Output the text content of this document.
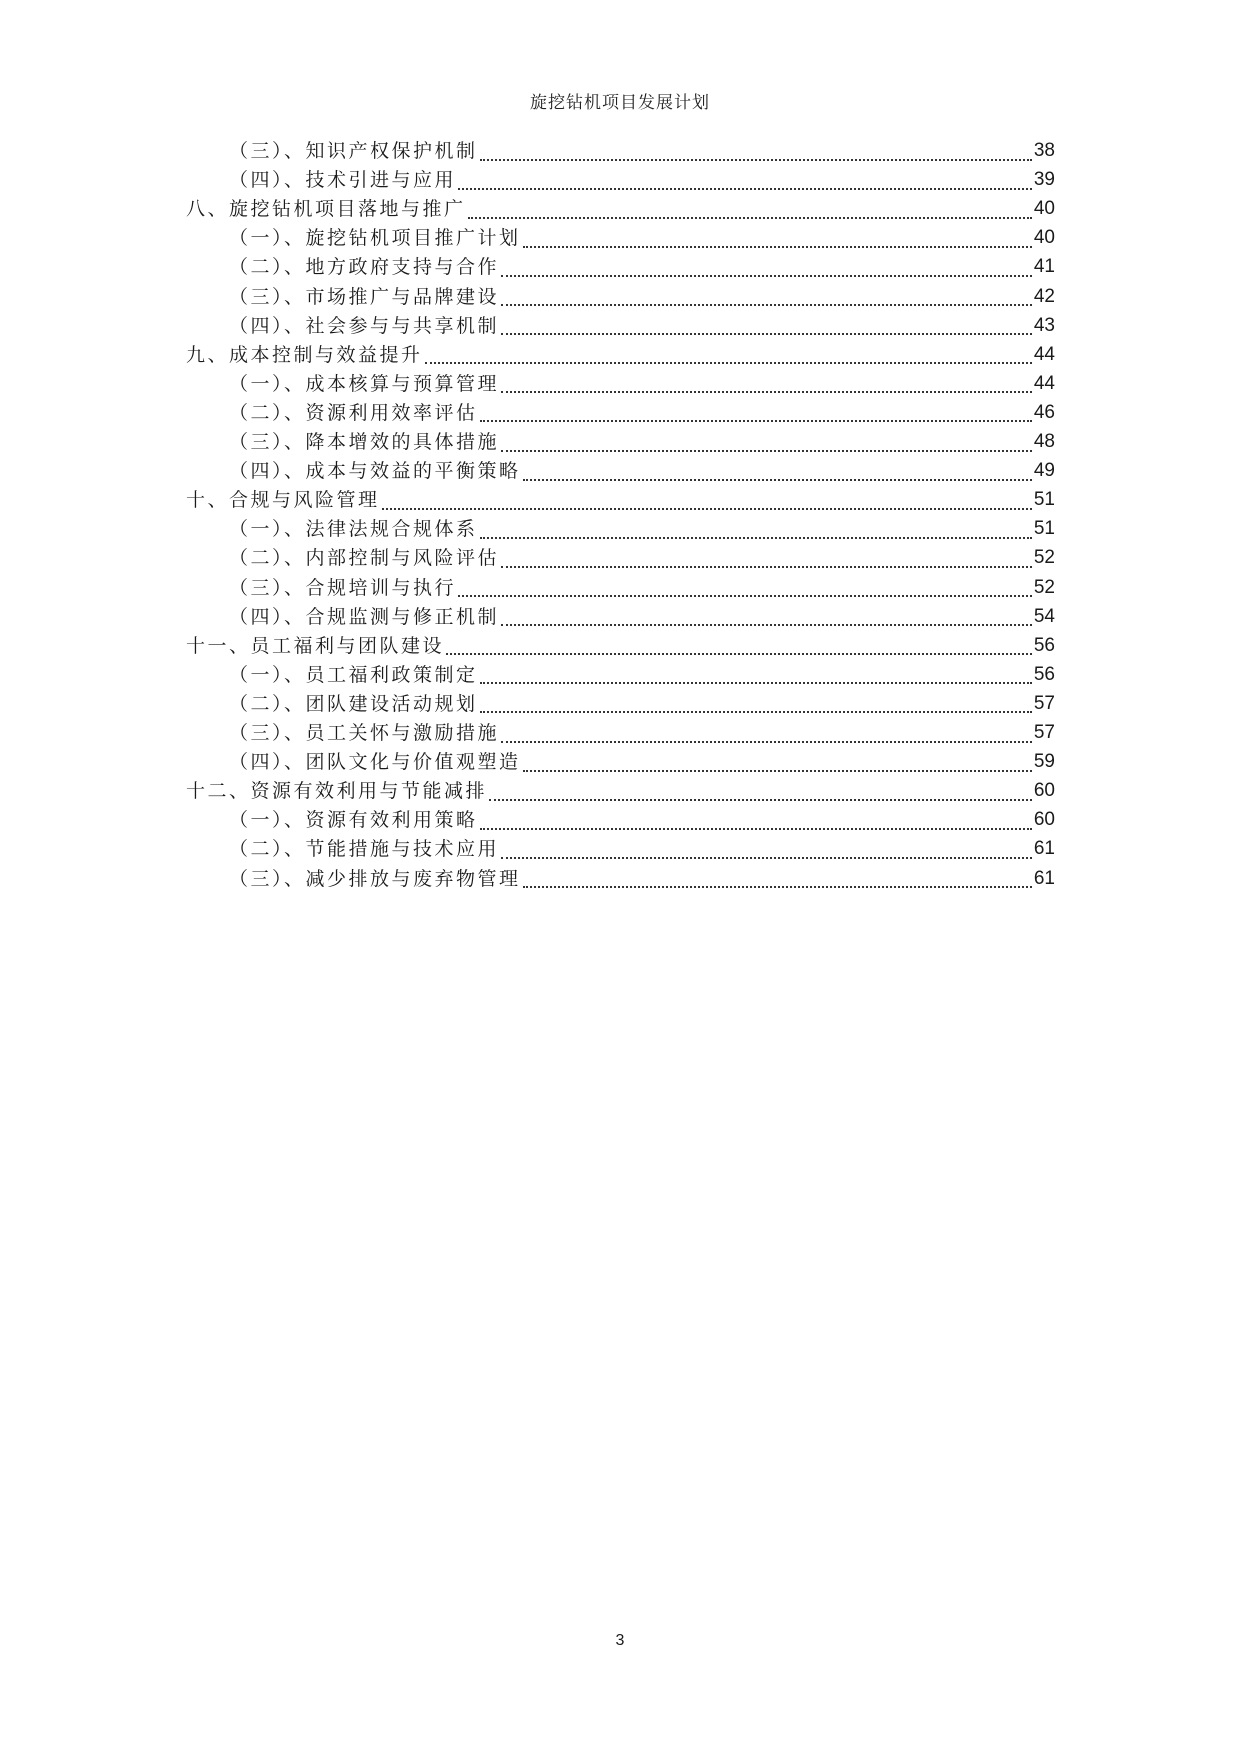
旋挖钻机项目发展计划
（三）、知识产权保护机制	38
（四）、技术引进与应用	39
八、旋挖钻机项目落地与推广	40
（一）、旋挖钻机项目推广计划	40
（二）、地方政府支持与合作	41
（三）、市场推广与品牌建设	42
（四）、社会参与与共享机制	43
九、成本控制与效益提升	44
（一）、成本核算与预算管理	44
（二）、资源利用效率评估	46
（三）、降本增效的具体措施	48
（四）、成本与效益的平衡策略	49
十、合规与风险管理	51
（一）、法律法规合规体系	51
（二）、内部控制与风险评估	52
（三）、合规培训与执行	52
（四）、合规监测与修正机制	54
十一、员工福利与团队建设	56
（一）、员工福利政策制定	56
（二）、团队建设活动规划	57
（三）、员工关怀与激励措施	57
（四）、团队文化与价值观塑造	59
十二、资源有效利用与节能减排	60
（一）、资源有效利用策略	60
（二）、节能措施与技术应用	61
（三）、减少排放与废弃物管理	61
3
